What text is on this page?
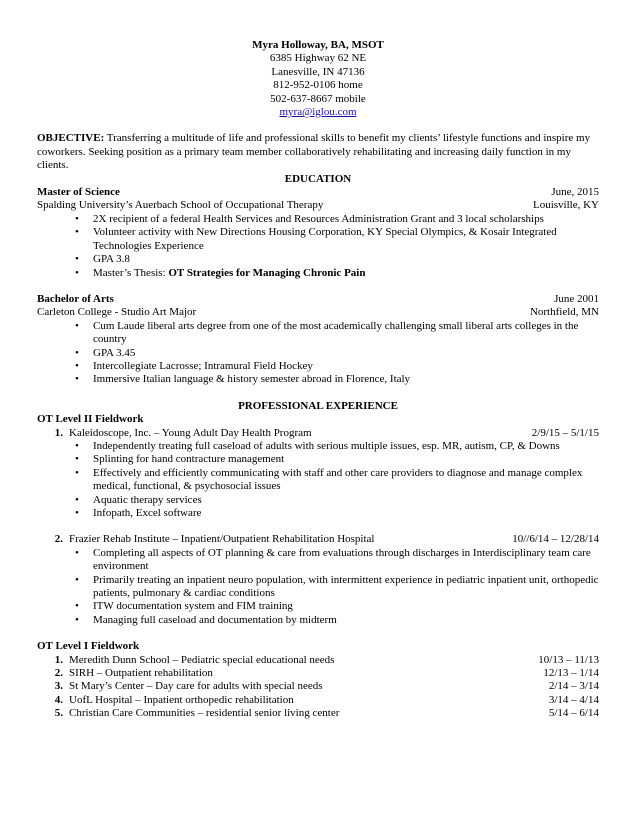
Myra Holloway, BA, MSOT
6385 Highway 62 NE
Lanesville, IN 47136
812-952-0106 home
502-637-8667 mobile
myra@iglou.com
OBJECTIVE: Transferring a multitude of life and professional skills to benefit my clients’ lifestyle functions and inspire my coworkers. Seeking position as a primary team member collaboratively rehabilitating and increasing daily function in my clients.
EDUCATION
Master of Science	June, 2015
Spalding University’s Auerbach School of Occupational Therapy	Louisville, KY
• 2X recipient of a federal Health Services and Resources Administration Grant and 3 local scholarships
• Volunteer activity with New Directions Housing Corporation, KY Special Olympics, & Kosair Integrated Technologies Experience
• GPA 3.8
• Master’s Thesis: OT Strategies for Managing Chronic Pain
Bachelor of Arts	June 2001
Carleton College - Studio Art Major	Northfield, MN
• Cum Laude liberal arts degree from one of the most academically challenging small liberal arts colleges in the country
• GPA 3.45
• Intercollegiate Lacrosse; Intramural Field Hockey
• Immersive Italian language & history semester abroad in Florence, Italy
PROFESSIONAL EXPERIENCE
OT Level II Fieldwork
1. Kaleidoscope, Inc. – Young Adult Day Health Program	2/9/15 – 5/1/15
• Independently treating full caseload of adults with serious multiple issues, esp. MR, autism, CP, & Downs
• Splinting for hand contracture management
• Effectively and efficiently communicating with staff and other care providers to diagnose and manage complex medical, functional, & psychosocial issues
• Aquatic therapy services
• Infopath, Excel software
2. Frazier Rehab Institute – Inpatient/Outpatient Rehabilitation Hospital	10//6/14 – 12/28/14
• Completing all aspects of OT planning & care from evaluations through discharges in Interdisciplinary team care environment
• Primarily treating an inpatient neuro population, with intermittent experience in pediatric inpatient unit, orthopedic patients, pulmonary & cardiac conditions
• ITW documentation system and FIM training
• Managing full caseload and documentation by midterm
OT Level I Fieldwork
1. Meredith Dunn School – Pediatric special educational needs	10/13 – 11/13
2. SIRH – Outpatient rehabilitation	12/13 – 1/14
3. St Mary’s Center – Day care for adults with special needs	2/14 – 3/14
4. UofL Hospital – Inpatient orthopedic rehabilitation	3/14 – 4/14
5. Christian Care Communities – residential senior living center	5/14 – 6/14
